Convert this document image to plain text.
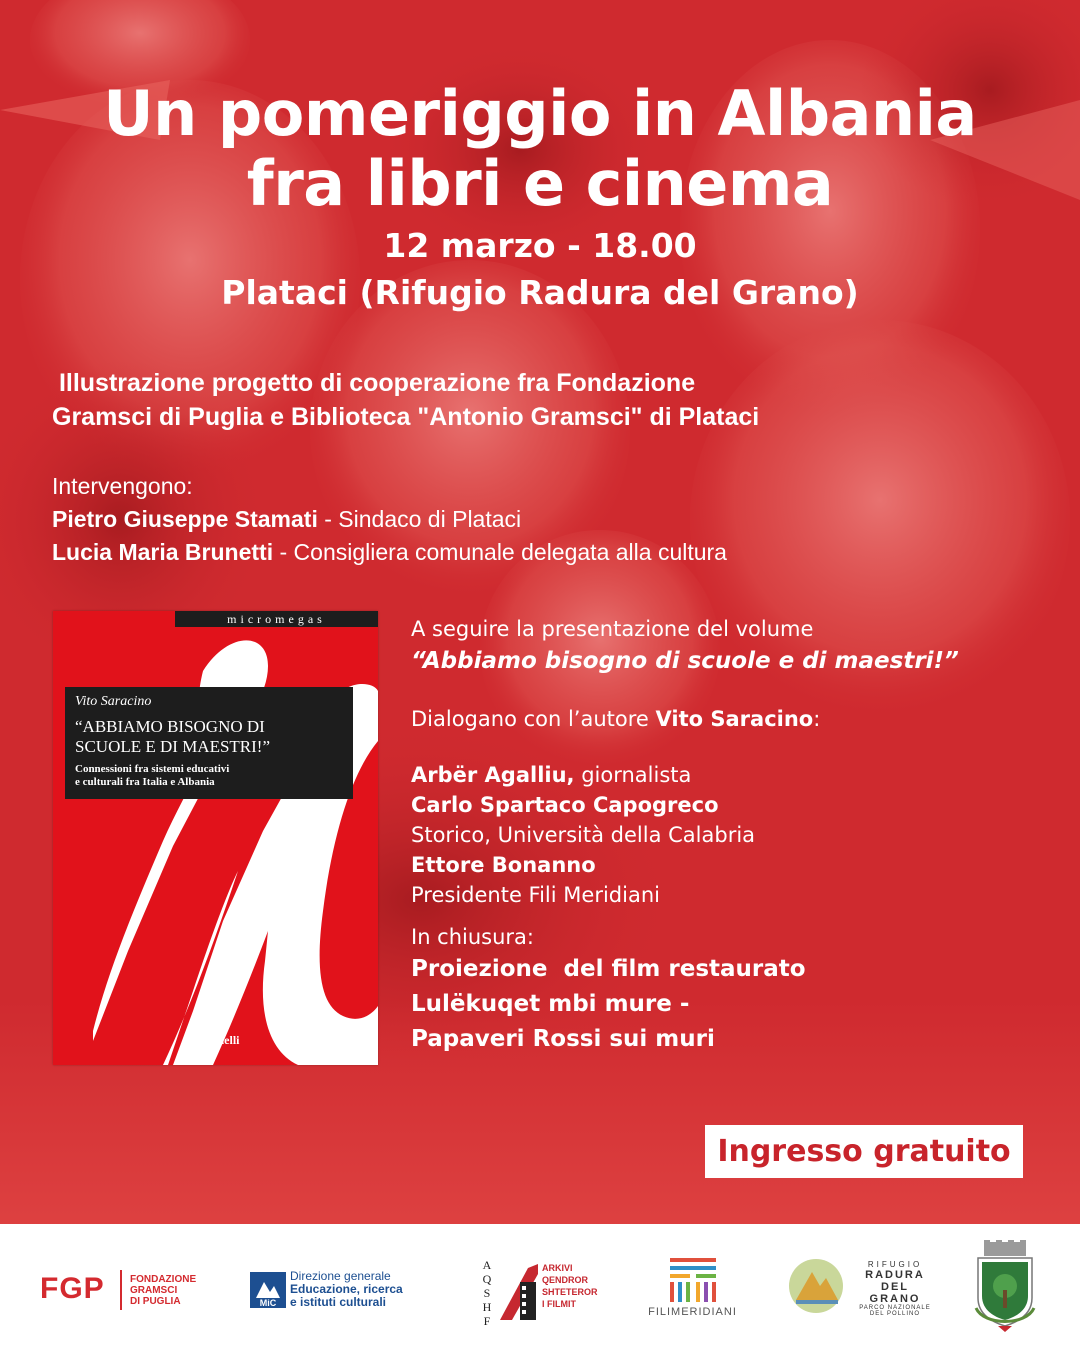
Un pomeriggio in Albania
fra libri e cinema
12 marzo - 18.00
Plataci (Rifugio Radura del Grano)
Illustrazione progetto di cooperazione fra Fondazione
Gramsci di Puglia e Biblioteca "Antonio Gramsci" di Plataci
Intervengono:
Pietro Giuseppe Stamati - Sindaco di Plataci
Lucia Maria Brunetti - Consigliera comunale delegata alla cultura
micromegas
Vito Saracino
“ABBIAMO BISOGNO DI
SCUOLE E DI MAESTRI!”
Connessioni fra sistemi educativi
e culturali fra Italia e Albania
Solfanelli
A seguire la presentazione del volume
“Abbiamo bisogno di scuole e di maestri!”
Dialogano con l’autore Vito Saracino:
Arbër Agalliu, giornalista
Carlo Spartaco Capogreco
Storico, Università della Calabria
Ettore Bonanno
Presidente Fili Meridiani
In chiusura:
Proiezione  del film restaurato
Lulëkuqet mbi mure -
Papaveri Rossi sui muri
Ingresso gratuito
FGP	FONDAZIONE
GRAMSCI
DI PUGLIA	MiC
Direzione generale
Educazione, ricerca
e istituti culturali
A
Q
S
H
F
ARKIVI
QENDROR
SHTETEROR
I FILMIT
FILIMERIDIANI
RIFUGIO
RADURA
DEL GRANO
PARCO NAZIONALE
DEL POLLINO
